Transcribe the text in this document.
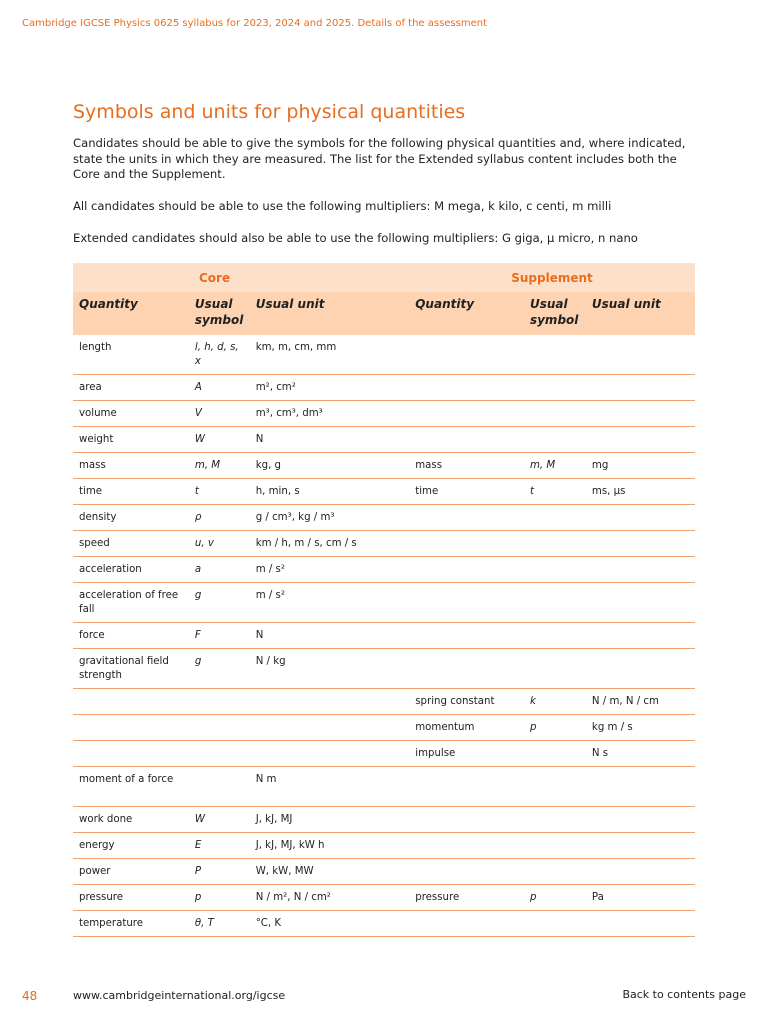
Cambridge IGCSE Physics 0625 syllabus for 2023, 2024 and 2025. Details of the assessment
Symbols and units for physical quantities

Candidates should be able to give the symbols for the following physical quantities and, where indicated, state the units in which they are measured. The list for the Extended syllabus content includes both the Core and the Supplement.

All candidates should be able to use the following multipliers: M mega, k kilo, c centi, m milli

Extended candidates should also be able to use the following multipliers: G giga, µ micro, n nano

Core			Supplement		
Quantity	Usual symbol	Usual unit	Quantity	Usual symbol	Usual unit
length	l, h, d, s, x	km, m, cm, mm			
area	A	m², cm²			
volume	V	m³, cm³, dm³			
weight	W	N			
mass	m, M	kg, g	mass	m, M	mg
time	t	h, min, s	time	t	ms, µs
density	ρ	g / cm³, kg / m³			
speed	u, v	km / h, m / s, cm / s			
acceleration	a	m / s²			
acceleration of free fall	g	m / s²			
force	F	N			
gravitational field strength	g	N / kg			
			spring constant	k	N / m, N / cm
			momentum	p	kg m / s
			impulse		N s
moment of a force		N m			
work done	W	J, kJ, MJ			
energy	E	J, kJ, MJ, kW h			
power	P	W, kW, MW			
pressure	p	N / m², N / cm²	pressure	p	Pa
temperature	θ, T	°C, K			
48	www.cambridgeinternational.org/igcse	Back to contents page
